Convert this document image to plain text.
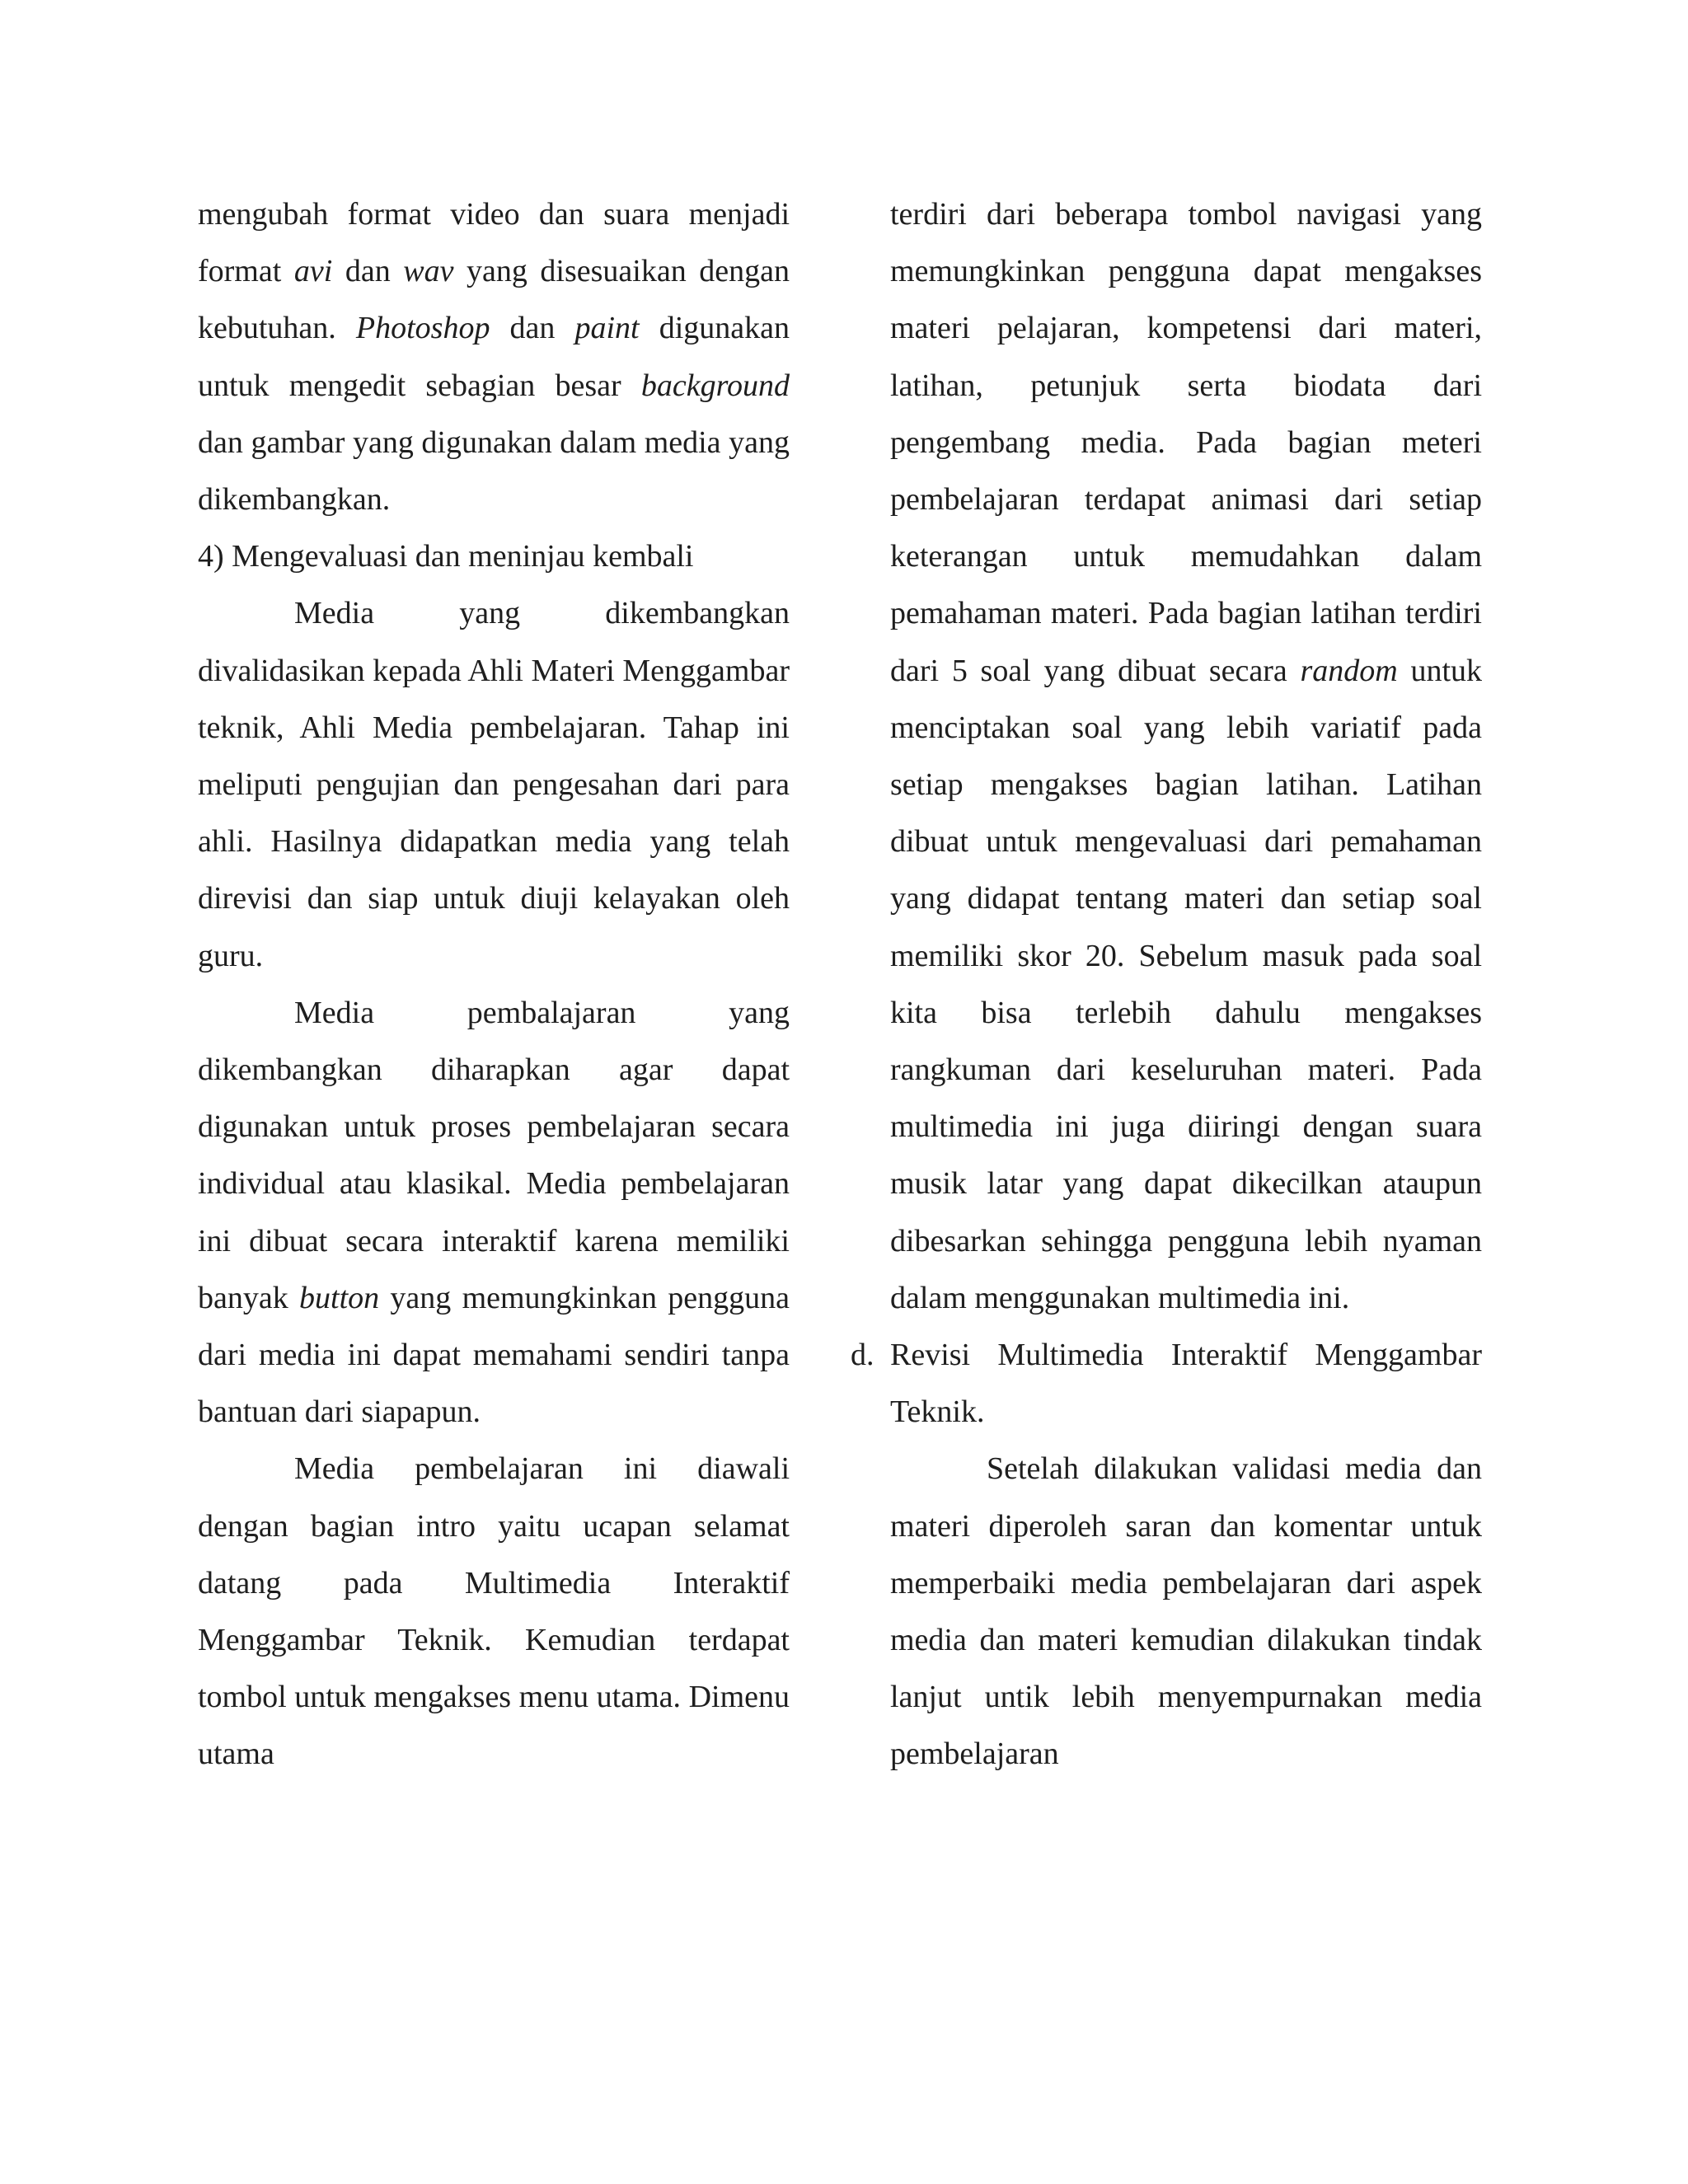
mengubah format video dan suara menjadi format avi dan wav yang disesuaikan dengan kebutuhan. Photoshop dan paint digunakan untuk mengedit sebagian besar background dan gambar yang digunakan dalam media yang dikembangkan.

4) Mengevaluasi dan meninjau kembali

Media yang dikembangkan divalidasikan kepada Ahli Materi Menggambar teknik, Ahli Media pembelajaran. Tahap ini meliputi pengujian dan pengesahan dari para ahli. Hasilnya didapatkan media yang telah direvisi dan siap untuk diuji kelayakan oleh guru.

Media pembalajaran yang dikembangkan diharapkan agar dapat digunakan untuk proses pembelajaran secara individual atau klasikal. Media pembelajaran ini dibuat secara interaktif karena memiliki banyak button yang memungkinkan pengguna dari media ini dapat memahami sendiri tanpa bantuan dari siapapun.

Media pembelajaran ini diawali dengan bagian intro yaitu ucapan selamat datang pada Multimedia Interaktif Menggambar Teknik. Kemudian terdapat tombol untuk mengakses menu utama. Dimenu utama

terdiri dari beberapa tombol navigasi yang memungkinkan pengguna dapat mengakses materi pelajaran, kompetensi dari materi, latihan, petunjuk serta biodata dari pengembang media. Pada bagian meteri pembelajaran terdapat animasi dari setiap keterangan untuk memudahkan dalam pemahaman materi. Pada bagian latihan terdiri dari 5 soal yang dibuat secara random untuk menciptakan soal yang lebih variatif pada setiap mengakses bagian latihan. Latihan dibuat untuk mengevaluasi dari pemahaman yang didapat tentang materi dan setiap soal memiliki skor 20. Sebelum masuk pada soal kita bisa terlebih dahulu mengakses rangkuman dari keseluruhan materi. Pada multimedia ini juga diiringi dengan suara musik latar yang dapat dikecilkan ataupun dibesarkan sehingga pengguna lebih nyaman dalam menggunakan multimedia ini.

d. Revisi Multimedia Interaktif Menggambar Teknik.

Setelah dilakukan validasi media dan materi diperoleh saran dan komentar untuk memperbaiki media pembelajaran dari aspek media dan materi kemudian dilakukan tindak lanjut untik lebih menyempurnakan media pembelajaran
